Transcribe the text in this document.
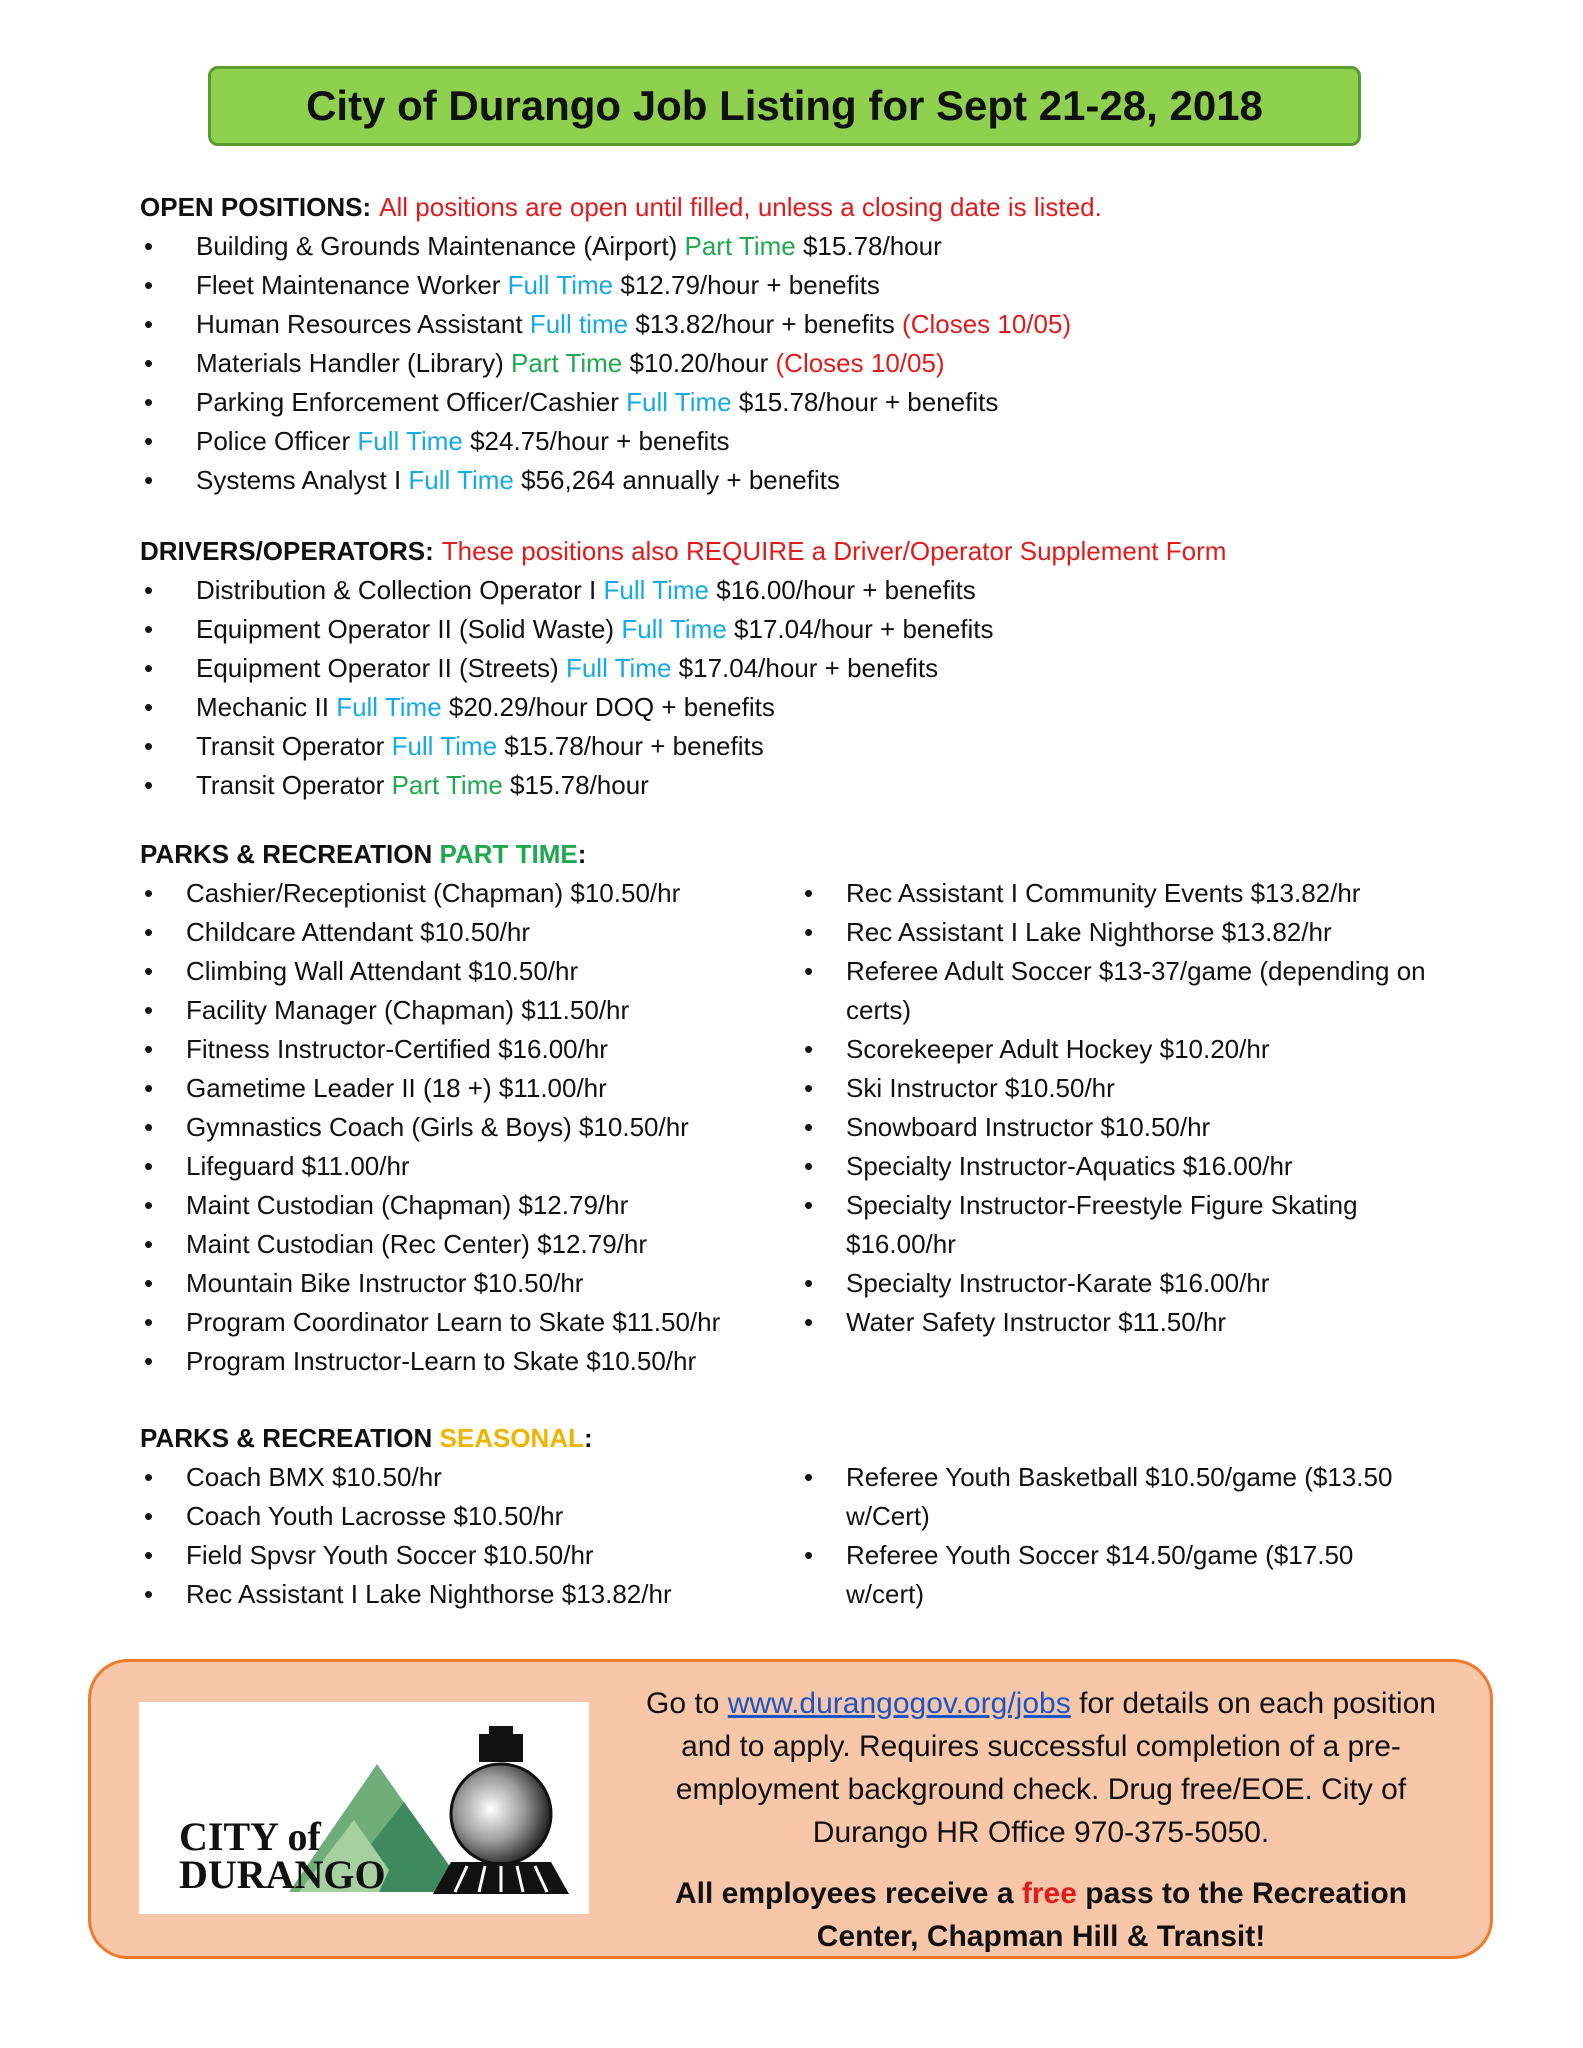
City of Durango Job Listing for Sept 21-28, 2018
OPEN POSITIONS: All positions are open until filled, unless a closing date is listed.
• Building & Grounds Maintenance (Airport) Part Time $15.78/hour
• Fleet Maintenance Worker Full Time $12.79/hour + benefits
• Human Resources Assistant Full time $13.82/hour + benefits (Closes 10/05)
• Materials Handler (Library) Part Time $10.20/hour (Closes 10/05)
• Parking Enforcement Officer/Cashier Full Time $15.78/hour + benefits
• Police Officer Full Time $24.75/hour + benefits
• Systems Analyst I Full Time $56,264 annually + benefits
DRIVERS/OPERATORS: These positions also REQUIRE a Driver/Operator Supplement Form
• Distribution & Collection Operator I Full Time $16.00/hour + benefits
• Equipment Operator II (Solid Waste) Full Time $17.04/hour + benefits
• Equipment Operator II (Streets) Full Time $17.04/hour + benefits
• Mechanic II Full Time $20.29/hour DOQ + benefits
• Transit Operator Full Time $15.78/hour + benefits
• Transit Operator Part Time $15.78/hour
PARKS & RECREATION PART TIME:
• Cashier/Receptionist (Chapman) $10.50/hr
• Childcare Attendant $10.50/hr
• Climbing Wall Attendant $10.50/hr
• Facility Manager (Chapman) $11.50/hr
• Fitness Instructor-Certified $16.00/hr
• Gametime Leader II (18 +) $11.00/hr
• Gymnastics Coach (Girls & Boys) $10.50/hr
• Lifeguard $11.00/hr
• Maint Custodian (Chapman) $12.79/hr
• Maint Custodian (Rec Center) $12.79/hr
• Mountain Bike Instructor $10.50/hr
• Program Coordinator Learn to Skate $11.50/hr
• Program Instructor-Learn to Skate $10.50/hr
• Rec Assistant I Community Events $13.82/hr
• Rec Assistant I Lake Nighthorse $13.82/hr
• Referee Adult Soccer $13-37/game (depending on certs)
• Scorekeeper Adult Hockey $10.20/hr
• Ski Instructor $10.50/hr
• Snowboard Instructor $10.50/hr
• Specialty Instructor-Aquatics $16.00/hr
• Specialty Instructor-Freestyle Figure Skating $16.00/hr
• Specialty Instructor-Karate $16.00/hr
• Water Safety Instructor $11.50/hr
PARKS & RECREATION SEASONAL:
• Coach BMX $10.50/hr
• Coach Youth Lacrosse $10.50/hr
• Field Spvsr Youth Soccer $10.50/hr
• Rec Assistant I Lake Nighthorse $13.82/hr
• Referee Youth Basketball $10.50/game ($13.50 w/Cert)
• Referee Youth Soccer $14.50/game ($17.50 w/cert)
CITY of
DURANGO
Go to www.durangogov.org/jobs for details on each position and to apply. Requires successful completion of a pre-employment background check. Drug free/EOE. City of Durango HR Office 970-375-5050.
All employees receive a free pass to the Recreation Center, Chapman Hill & Transit!
